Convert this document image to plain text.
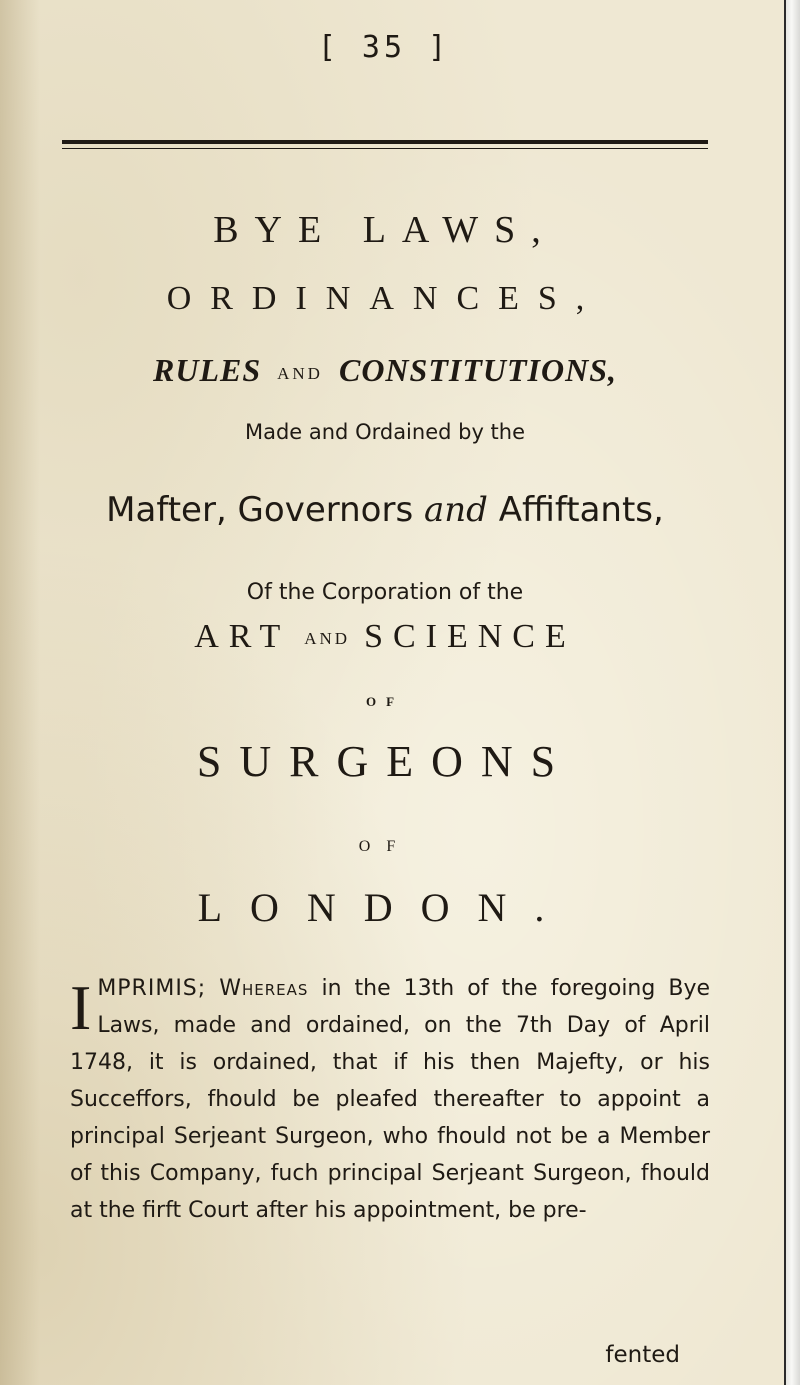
[ 35 ]
BYE LAWS,
ORDINANCES,
RULES AND CONSTITUTIONS,
Made and Ordained by the
Mafter, Governors and Affiftants,
Of the Corporation of the
ART AND SCIENCE
OF
SURGEONS
OF
LONDON.
IMPRIMIS; Whereas in the 13th of the foregoing Bye Laws, made and ordained, on the 7th Day of April 1748, it is ordained, that if his then Majefty, or his Succeffors, fhould be pleafed thereafter to appoint a principal Serjeant Surgeon, who fhould not be a Member of this Company, fuch principal Serjeant Surgeon, fhould at the firft Court after his appointment, be pre-
fented
